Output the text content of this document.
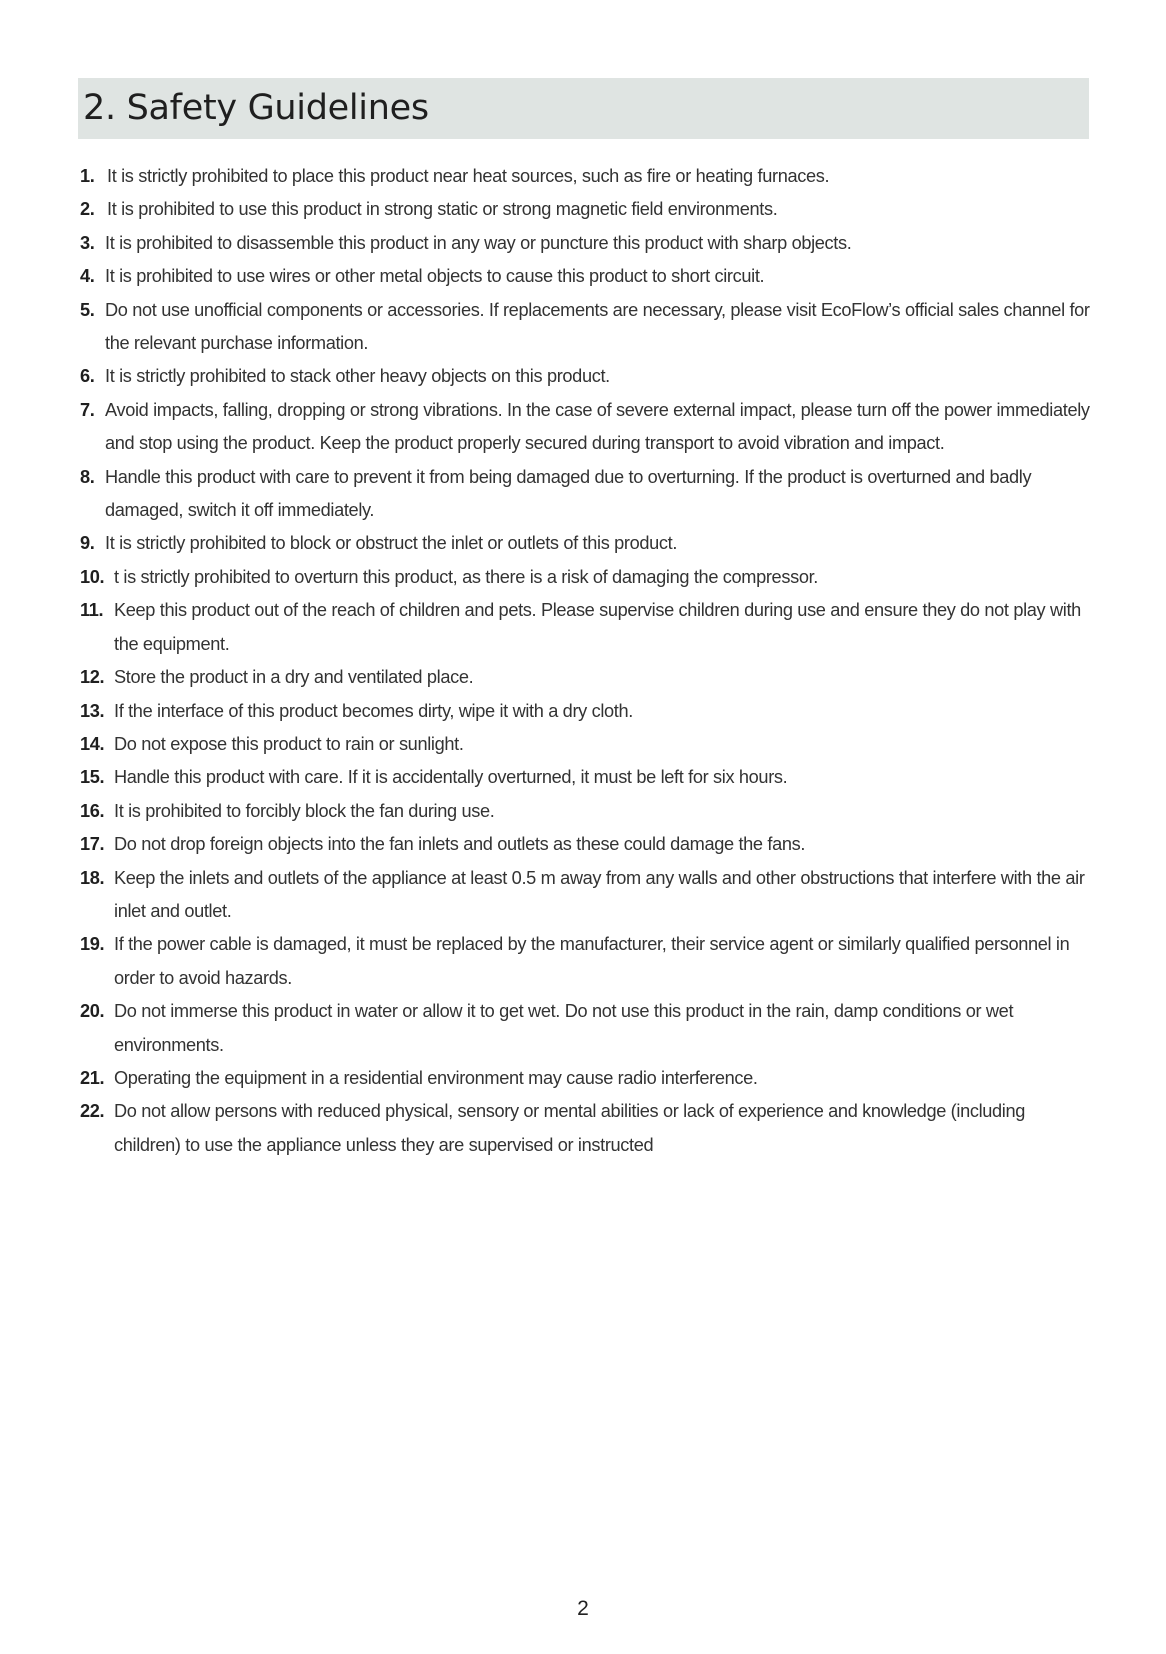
2. Safety Guidelines
1. It is strictly prohibited to place this product near heat sources, such as fire or heating furnaces.
2. It is prohibited to use this product in strong static or strong magnetic field environments.
3. It is prohibited to disassemble this product in any way or puncture this product with sharp objects.
4. It is prohibited to use wires or other metal objects to cause this product to short circuit.
5. Do not use unofficial components or accessories. If replacements are necessary, please visit EcoFlow’s official sales channel for the relevant purchase information.
6. It is strictly prohibited to stack other heavy objects on this product.
7. Avoid impacts, falling, dropping or strong vibrations. In the case of severe external impact, please turn off the power immediately and stop using the product. Keep the product properly secured during transport to avoid vibration and impact.
8. Handle this product with care to prevent it from being damaged due to overturning. If the product is overturned and badly damaged, switch it off immediately.
9. It is strictly prohibited to block or obstruct the inlet or outlets of this product.
10. t is strictly prohibited to overturn this product, as there is a risk of damaging the compressor.
11. Keep this product out of the reach of children and pets. Please supervise children during use and ensure they do not play with the equipment.
12. Store the product in a dry and ventilated place.
13. If the interface of this product becomes dirty, wipe it with a dry cloth.
14. Do not expose this product to rain or sunlight.
15. Handle this product with care. If it is accidentally overturned, it must be left for six hours.
16. It is prohibited to forcibly block the fan during use.
17. Do not drop foreign objects into the fan inlets and outlets as these could damage the fans.
18. Keep the inlets and outlets of the appliance at least 0.5 m away from any walls and other obstructions that interfere with the air inlet and outlet.
19. If the power cable is damaged, it must be replaced by the manufacturer, their service agent or similarly qualified personnel in order to avoid hazards.
20. Do not immerse this product in water or allow it to get wet. Do not use this product in the rain, damp conditions or wet environments.
21. Operating the equipment in a residential environment may cause radio interference.
22. Do not allow persons with reduced physical, sensory or mental abilities or lack of experience and knowledge (including children) to use the appliance unless they are supervised or instructed
2
